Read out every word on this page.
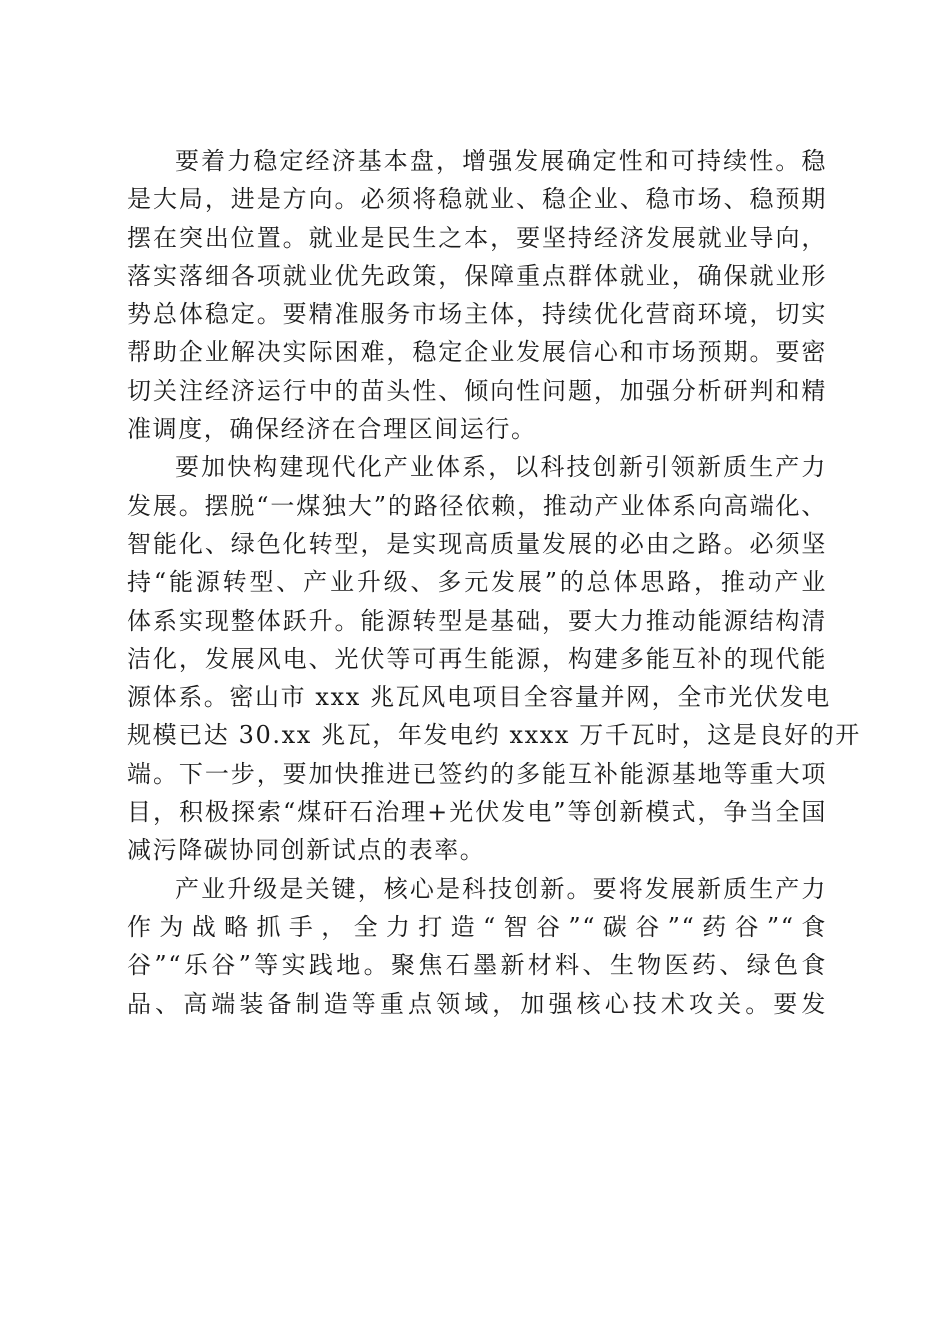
要着力稳定经济基本盘，增强发展确定性和可持续性。稳
是大局，进是方向。必须将稳就业、稳企业、稳市场、稳预期
摆在突出位置。就业是民生之本，要坚持经济发展就业导向，
落实落细各项就业优先政策，保障重点群体就业，确保就业形
势总体稳定。要精准服务市场主体，持续优化营商环境，切实
帮助企业解决实际困难，稳定企业发展信心和市场预期。要密
切关注经济运行中的苗头性、倾向性问题，加强分析研判和精
准调度，确保经济在合理区间运行。
要加快构建现代化产业体系，以科技创新引领新质生产力
发展。摆脱“一煤独大”的路径依赖，推动产业体系向高端化、
智能化、绿色化转型，是实现高质量发展的必由之路。必须坚
持“能源转型、产业升级、多元发展”的总体思路，推动产业
体系实现整体跃升。能源转型是基础，要大力推动能源结构清
洁化，发展风电、光伏等可再生能源，构建多能互补的现代能
源体系。密山市 xxx 兆瓦风电项目全容量并网，全市光伏发电
规模已达 30.xx 兆瓦，年发电约 xxxx 万千瓦时，这是良好的开
端。下一步，要加快推进已签约的多能互补能源基地等重大项
目，积极探索“煤矸石治理+光伏发电”等创新模式，争当全国
减污降碳协同创新试点的表率。
产业升级是关键，核心是科技创新。要将发展新质生产力
作为战略抓手，全力打造“智谷”“碳谷”“药谷”“食
谷”“乐谷”等实践地。聚焦石墨新材料、生物医药、绿色食
品、高端装备制造等重点领域，加强核心技术攻关。要发
